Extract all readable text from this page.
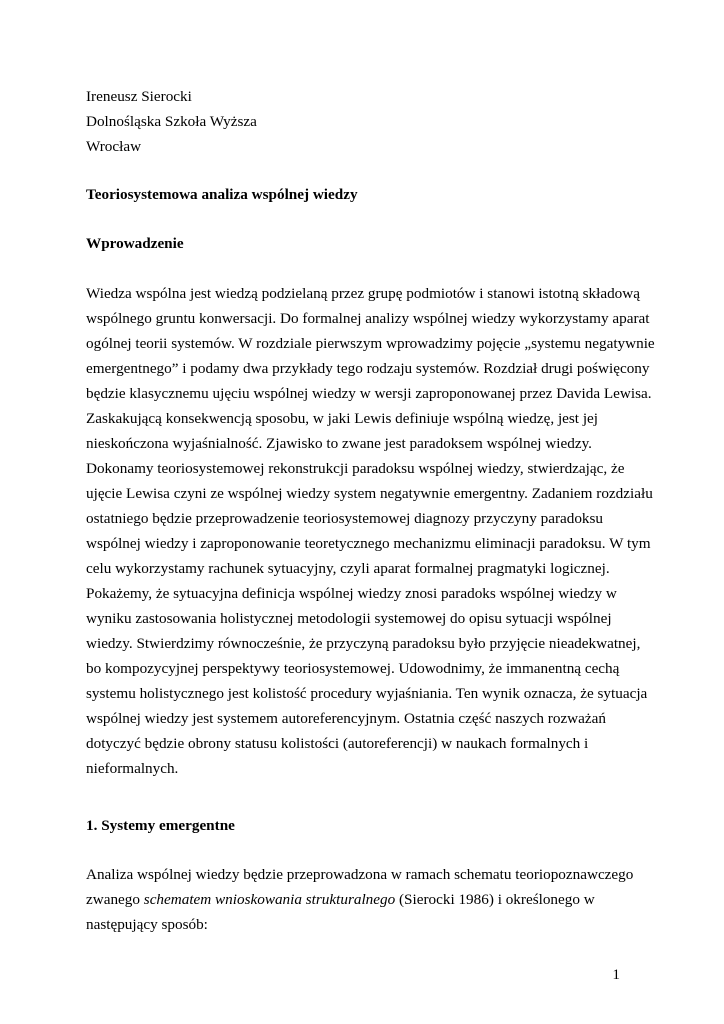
Ireneusz Sierocki
Dolnośląska Szkoła Wyższa
Wrocław
Teoriosystemowa analiza wspólnej wiedzy
Wprowadzenie
Wiedza wspólna jest wiedzą podzielaną przez grupę podmiotów i stanowi istotną składową
wspólnego gruntu konwersacji. Do formalnej analizy wspólnej wiedzy wykorzystamy aparat
ogólnej teorii systemów. W rozdziale pierwszym wprowadzimy pojęcie „systemu negatywnie
emergentnego” i podamy dwa przykłady tego rodzaju systemów. Rozdział drugi poświęcony
będzie klasycznemu ujęciu wspólnej wiedzy w wersji zaproponowanej przez Davida Lewisa.
Zaskakującą konsekwencją sposobu, w jaki Lewis definiuje wspólną wiedzę, jest jej
nieskończona wyjaśnialność. Zjawisko to zwane jest paradoksem wspólnej wiedzy.
Dokonamy teoriosystemowej rekonstrukcji paradoksu wspólnej wiedzy, stwierdzając, że
ujęcie Lewisa czyni ze wspólnej wiedzy system negatywnie emergentny. Zadaniem rozdziału
ostatniego będzie przeprowadzenie teoriosystemowej diagnozy przyczyny paradoksu
wspólnej wiedzy i zaproponowanie teoretycznego mechanizmu eliminacji paradoksu. W tym
celu wykorzystamy rachunek sytuacyjny, czyli aparat formalnej pragmatyki logicznej.
Pokażemy, że sytuacyjna definicja wspólnej wiedzy znosi paradoks wspólnej wiedzy w
wyniku zastosowania holistycznej metodologii systemowej do opisu sytuacji wspólnej
wiedzy. Stwierdzimy równocześnie, że przyczyną paradoksu było przyjęcie nieadekwatnej,
bo kompozycyjnej perspektywy teoriosystemowej. Udowodnimy, że immanentną cechą
systemu holistycznego jest kolistość procedury wyjaśniania. Ten wynik oznacza, że sytuacja
wspólnej wiedzy jest systemem autoreferencyjnym. Ostatnia część naszych rozważań
dotyczyć będzie obrony statusu kolistości (autoreferencji) w naukach formalnych i
nieformalnych.
1. Systemy emergentne
Analiza wspólnej wiedzy będzie przeprowadzona w ramach schematu teoriopoznawczego
zwanego schematem wnioskowania strukturalnego (Sierocki 1986) i określonego w
następujący sposób:
1
